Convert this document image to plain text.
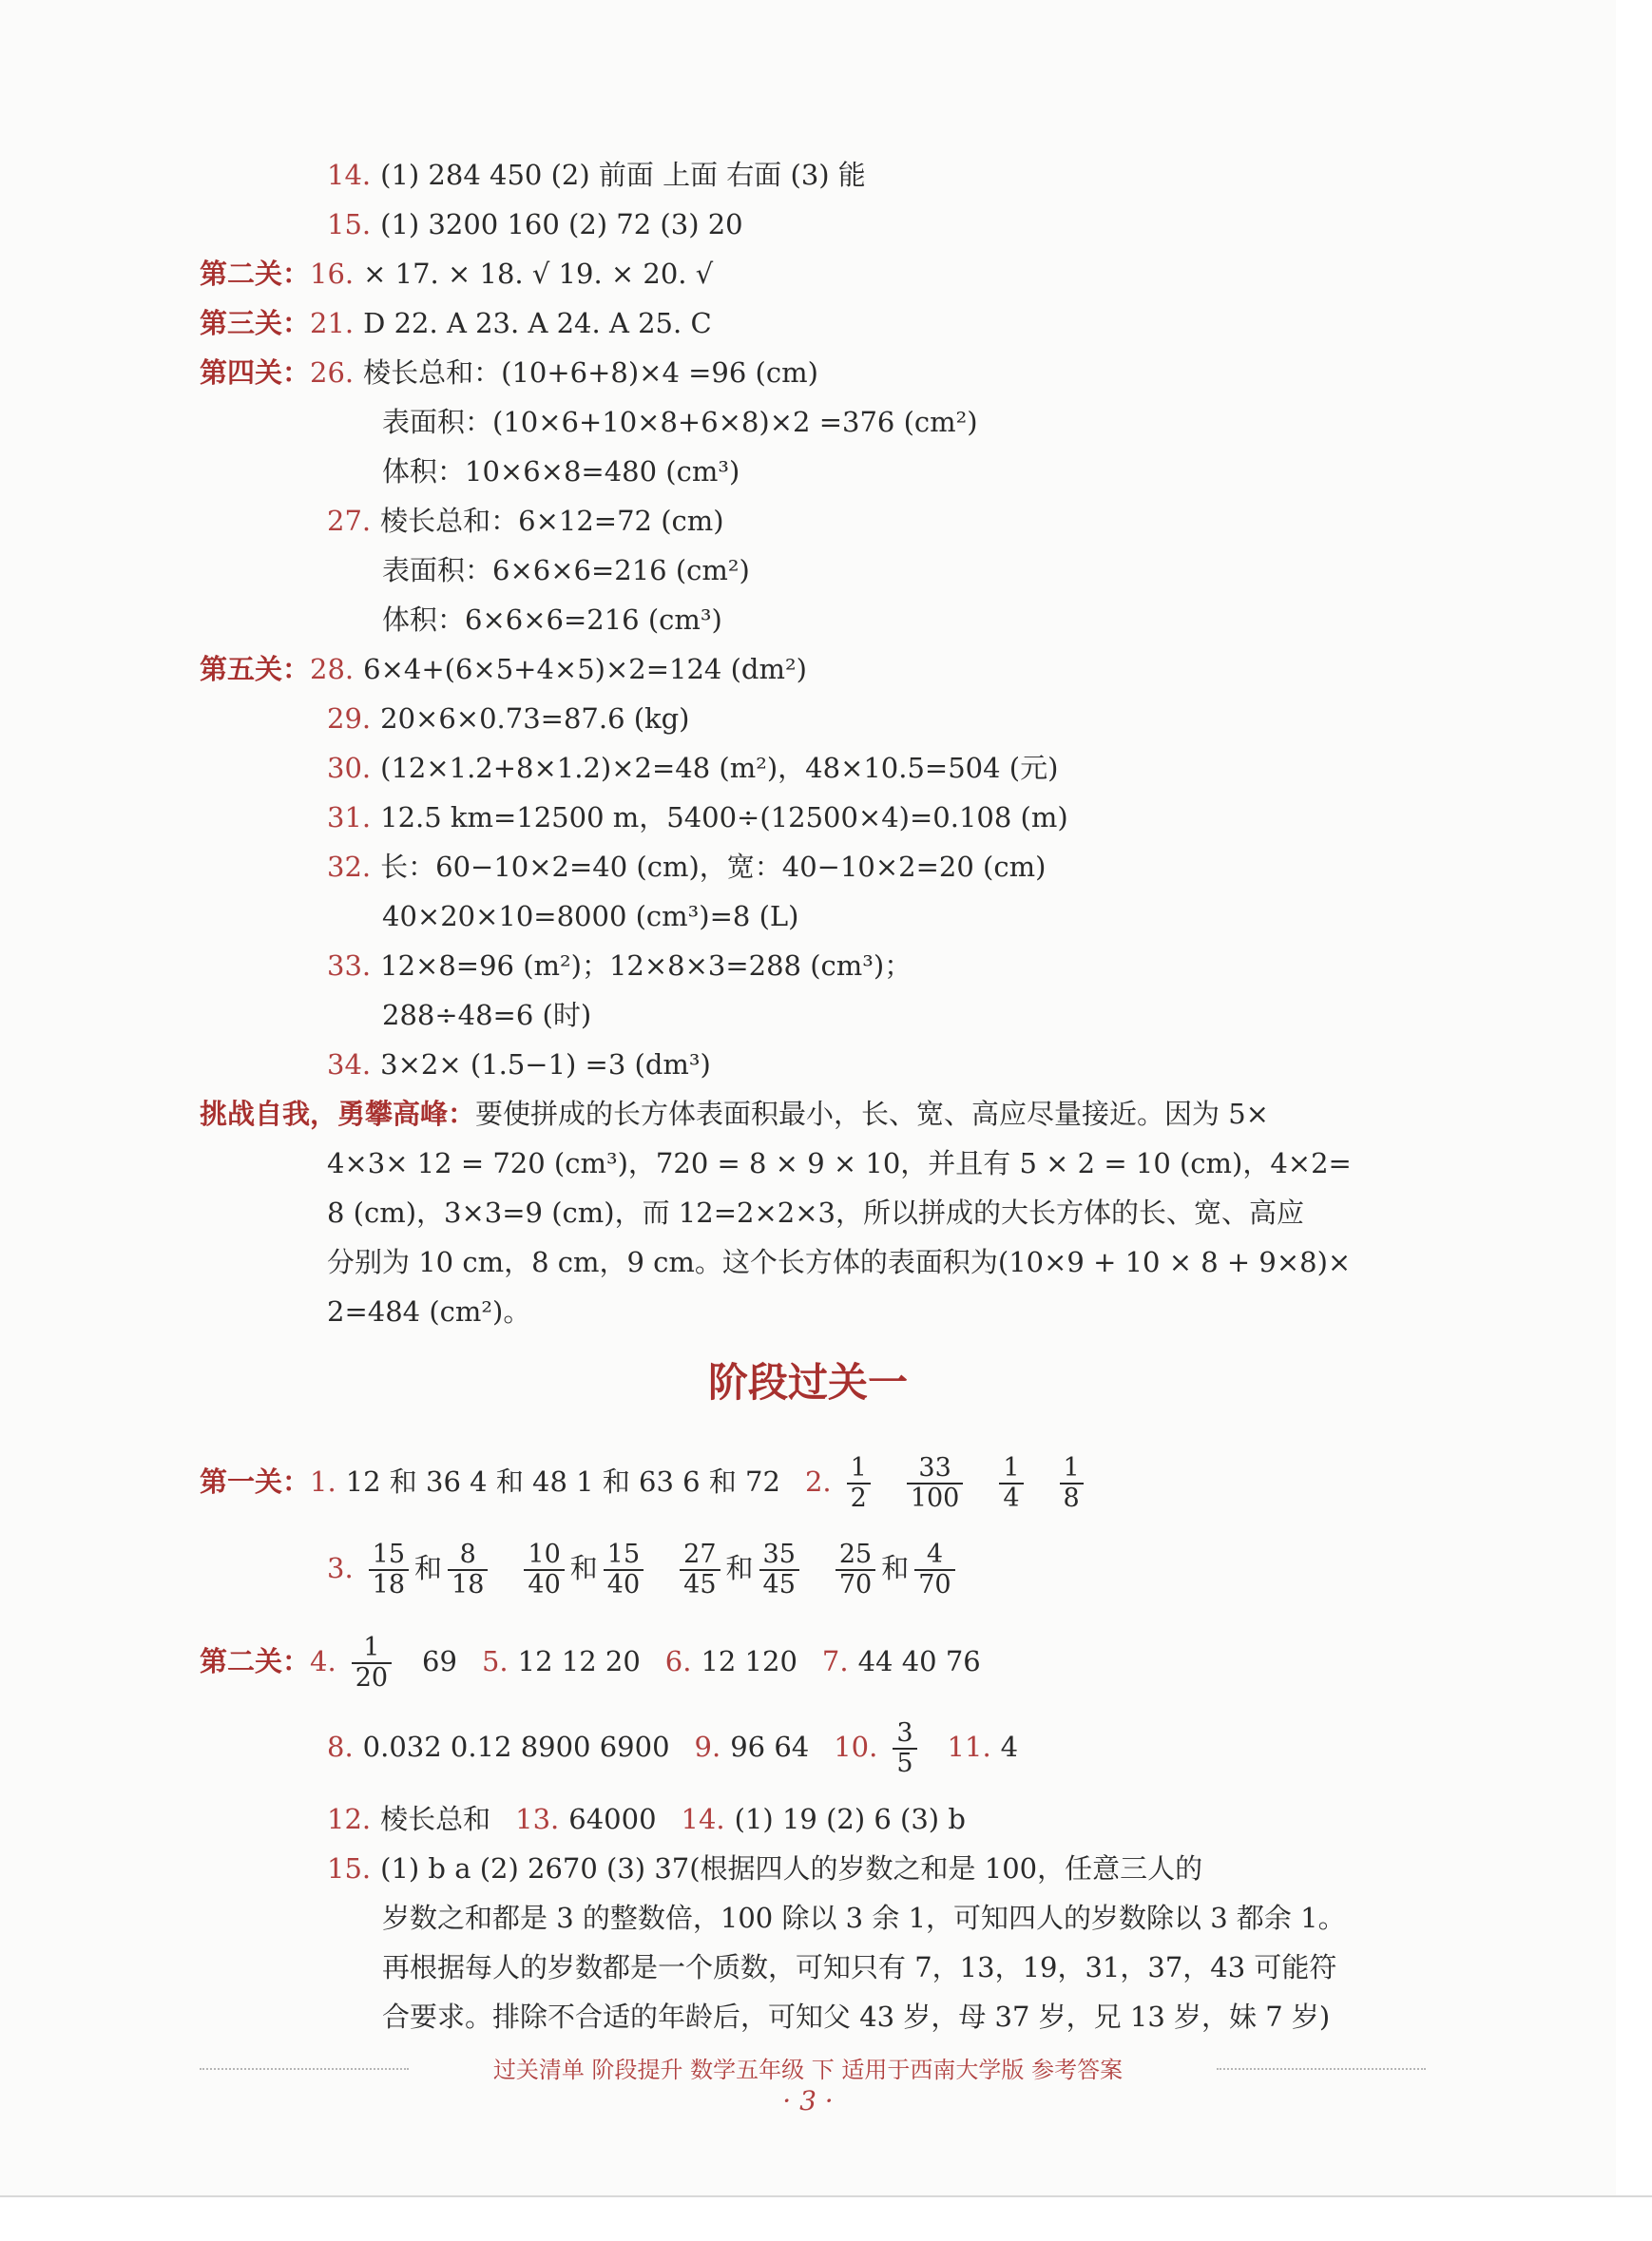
14. (1) 284 450 (2) 前面 上面 右面 (3) 能
15. (1) 3200 160 (2) 72 (3) 20
第二关：16. × 17. × 18. √ 19. × 20. √
第三关：21. D 22. A 23. A 24. A 25. C
第四关：26. 棱长总和：(10+6+8)×4 =96 (cm)
表面积：(10×6+10×8+6×8)×2 =376 (cm²)
体积：10×6×8=480 (cm³)
27. 棱长总和：6×12=72 (cm)
表面积：6×6×6=216 (cm²)
体积：6×6×6=216 (cm³)
第五关：28. 6×4+(6×5+4×5)×2=124 (dm²)
29. 20×6×0.73=87.6 (kg)
30. (12×1.2+8×1.2)×2=48 (m²)，48×10.5=504 (元)
31. 12.5 km=12500 m，5400÷(12500×4)=0.108 (m)
32. 长：60−10×2=40 (cm)，宽：40−10×2=20 (cm)
40×20×10=8000 (cm³)=8 (L)
33. 12×8=96 (m²)；12×8×3=288 (cm³)；
288÷48=6 (时)
34. 3×2× (1.5−1) =3 (dm³)
挑战自我，勇攀高峰：要使拼成的长方体表面积最小，长、宽、高应尽量接近。因为 5×
4×3× 12 = 720 (cm³)，720 = 8 × 9 × 10，并且有 5 × 2 = 10 (cm)，4×2=
8 (cm)，3×3=9 (cm)，而 12=2×2×3，所以拼成的大长方体的长、宽、高应
分别为 10 cm，8 cm，9 cm。这个长方体的表面积为(10×9 + 10 × 8 + 9×8)×
2=484 (cm²)。
阶段过关一
第一关：1. 12 和 36 4 和 48 1 和 63 6 和 72 2. $\frac{1}{2} \frac{33}{100} \frac{1}{4} \frac{1}{8}$
3. $\frac{15}{18}$ 和 $\frac{8}{18} \frac{10}{40}$ 和 $\frac{15}{40} \frac{27}{45}$ 和 $\frac{35}{45} \frac{25}{70}$ 和 $\frac{4}{70}$
第二关：4. $\frac{1}{20} 69$ 5. 12 12 20 6. 12 120 7. 44 40 76
8. 0.032 0.12 8900 6900 9. 96 64 10. $\frac{3}{5} 11$. 4
12. 棱长总和 13. 64000 14. (1) 19 (2) 6 (3) b
15. (1) b a (2) 2670 (3) 37(根据四人的岁数之和是 100，任意三人的
岁数之和都是 3 的整数倍，100 除以 3 余 1，可知四人的岁数除以 3 都余 1。
再根据每人的岁数都是一个质数，可知只有 7，13，19，31，37，43 可能符
合要求。排除不合适的年龄后，可知父 43 岁，母 37 岁，兄 13 岁，妹 7 岁)
过关清单 阶段提升 数学五年级 下 适用于西南大学版 参考答案
· 3 ·
